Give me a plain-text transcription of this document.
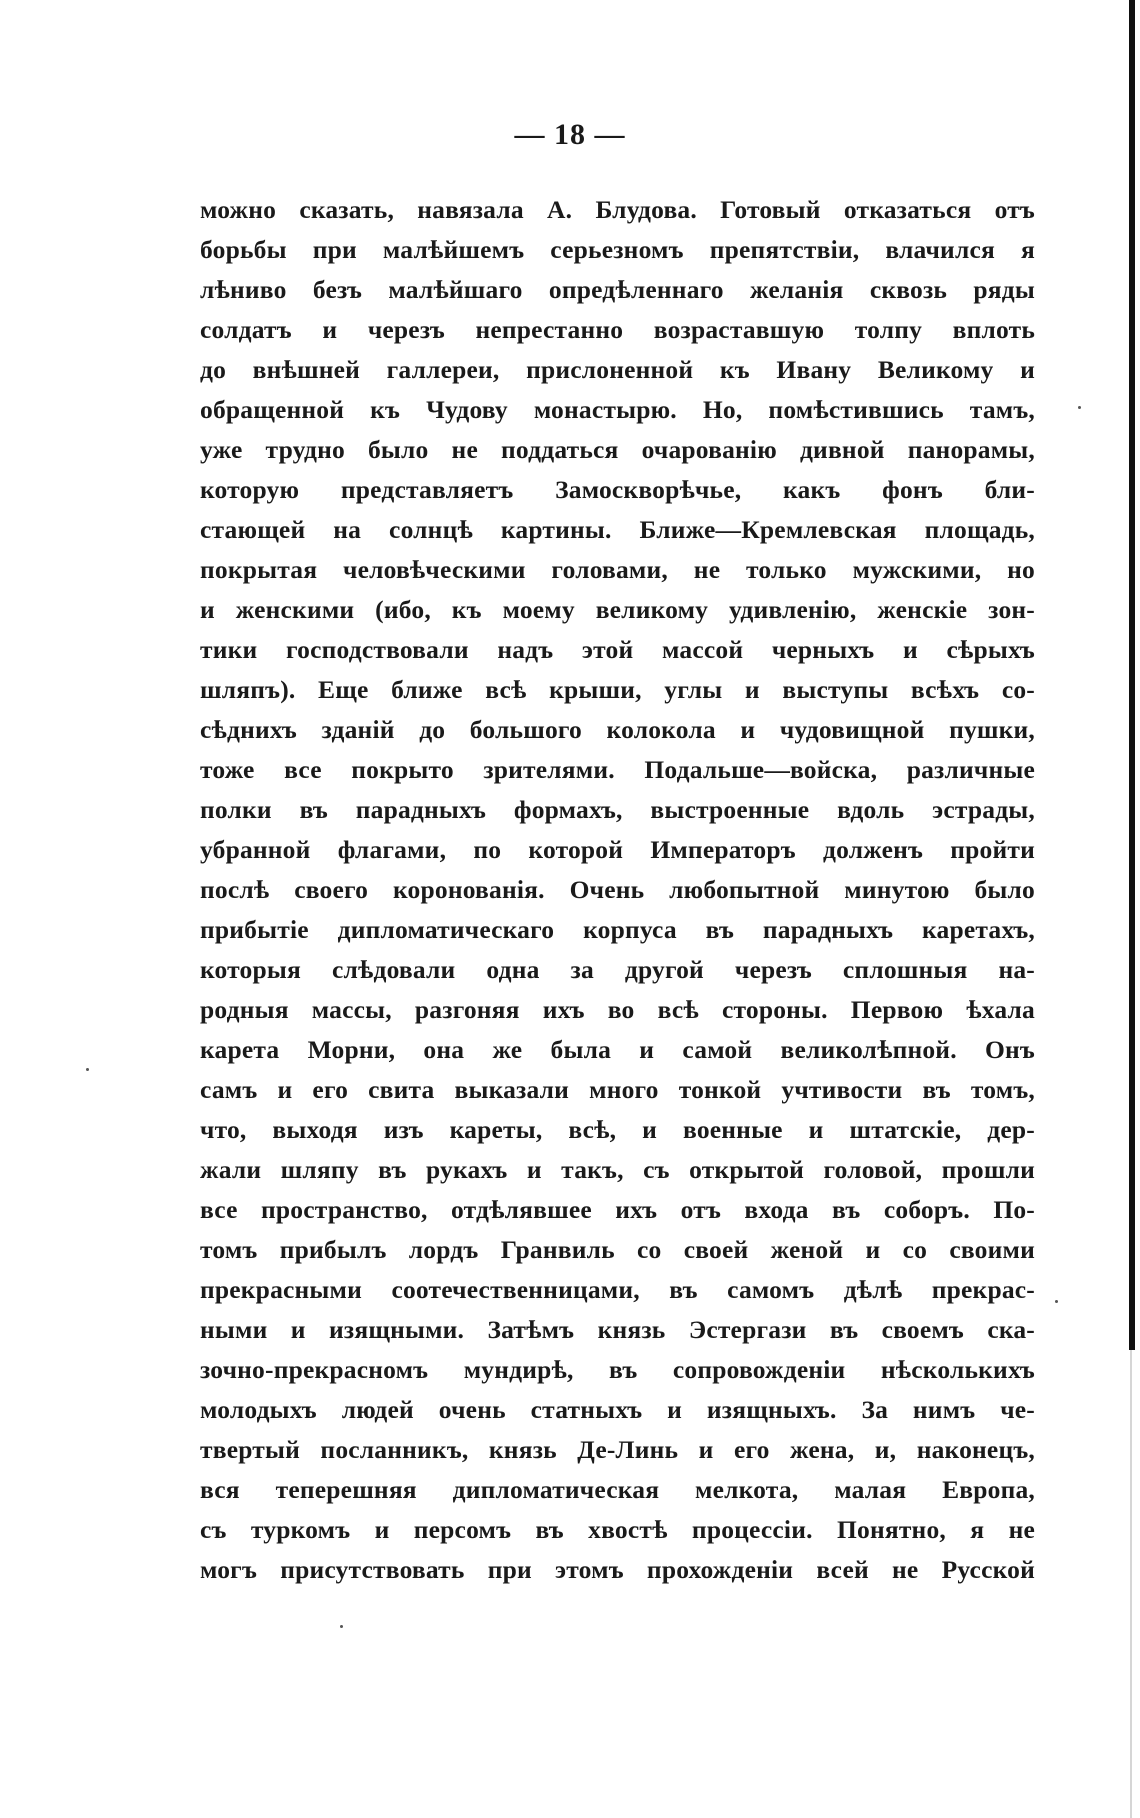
— 18 —
можно сказать, навязала А. Блудова. Готовый отказаться отъ
борьбы при малѣйшемъ серьезномъ препятствіи, влачился я
лѣниво безъ малѣйшаго опредѣленнаго желанія сквозь ряды
солдатъ и черезъ непрестанно возраставшую толпу вплоть
до внѣшней галлереи, прислоненной къ Ивану Великому и
обращенной къ Чудову монастырю. Но, помѣстившись тамъ,
уже трудно было не поддаться очарованію дивной панорамы,
которую представляетъ Замоскворѣчье, какъ фонъ бли-
стающей на солнцѣ картины. Ближе—Кремлевская площадь,
покрытая человѣческими головами, не только мужскими, но
и женскими (ибо, къ моему великому удивленію, женскіе зон-
тики господствовали надъ этой массой черныхъ и сѣрыхъ
шляпъ). Еще ближе всѣ крыши, углы и выступы всѣхъ со-
сѣднихъ зданій до большого колокола и чудовищной пушки,
тоже все покрыто зрителями. Подальше—войска, различные
полки въ парадныхъ формахъ, выстроенные вдоль эстрады,
убранной флагами, по которой Императоръ долженъ пройти
послѣ своего коронованія. Очень любопытной минутою было
прибытіе дипломатическаго корпуса въ парадныхъ каретахъ,
которыя слѣдовали одна за другой черезъ сплошныя на-
родныя массы, разгоняя ихъ во всѣ стороны. Первою ѣхала
карета Морни, она же была и самой великолѣпной. Онъ
самъ и его свита выказали много тонкой учтивости въ томъ,
что, выходя изъ кареты, всѣ, и военные и штатскіе, дер-
жали шляпу въ рукахъ и такъ, съ открытой головой, прошли
все пространство, отдѣлявшее ихъ отъ входа въ соборъ. По-
томъ прибылъ лордъ Гранвиль со своей женой и со своими
прекрасными соотечественницами, въ самомъ дѣлѣ прекрас-
ными и изящными. Затѣмъ князь Эстергази въ своемъ ска-
зочно-прекрасномъ мундирѣ, въ сопровожденіи нѣсколькихъ
молодыхъ людей очень статныхъ и изящныхъ. За нимъ че-
твертый посланникъ, князь Де-Линь и его жена, и, наконецъ,
вся теперешняя дипломатическая мелкота, малая Европа,
съ туркомъ и персомъ въ хвостѣ процессіи. Понятно, я не
могъ присутствовать при этомъ прохожденіи всей не Русской
